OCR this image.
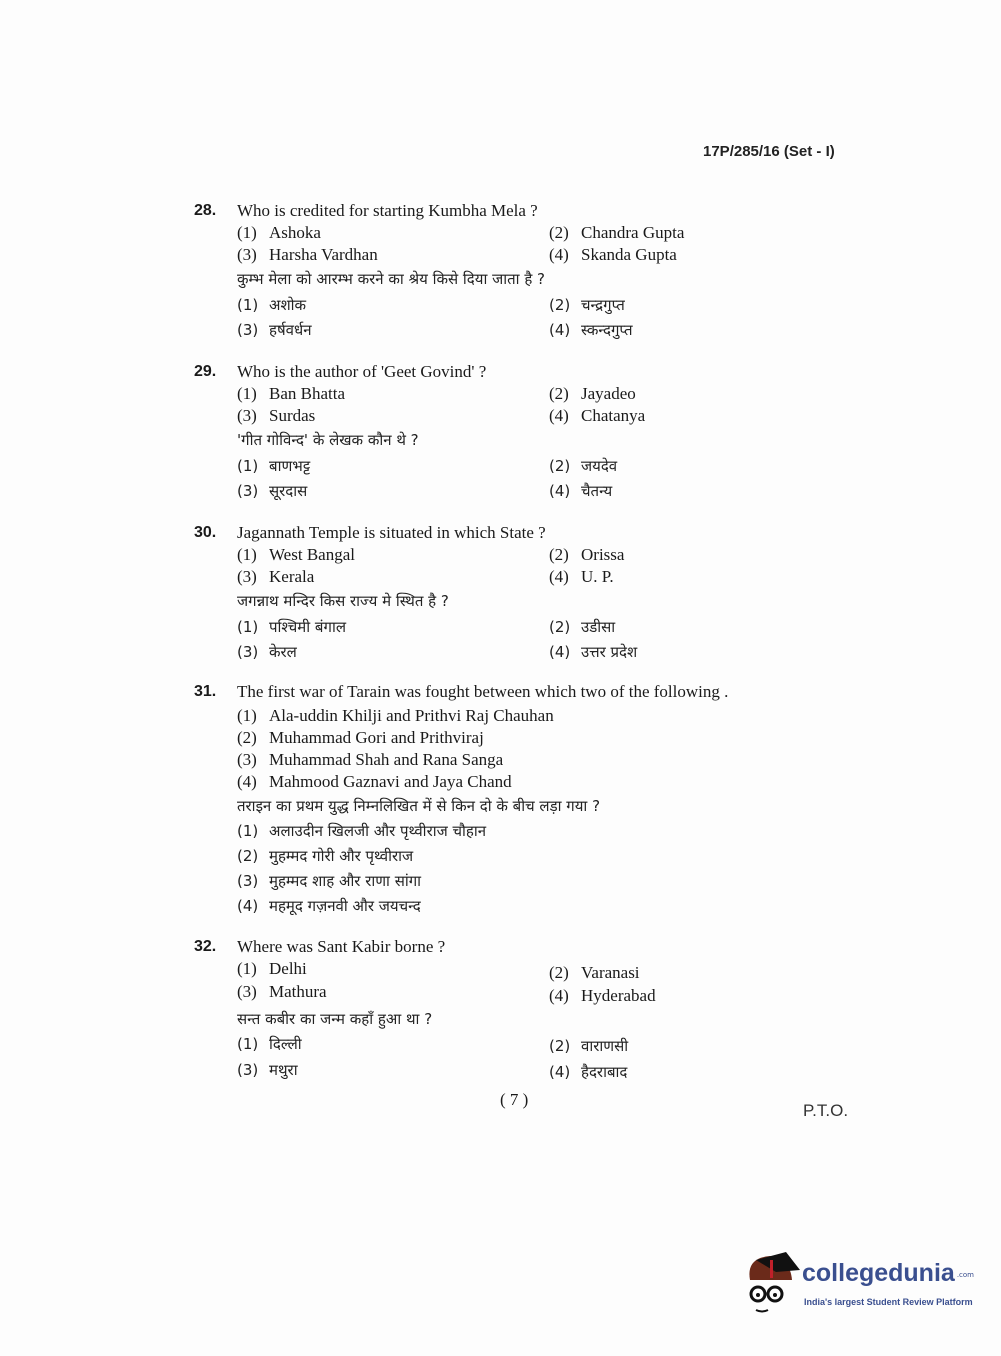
17P/285/16 (Set - I)
28. Who is credited for starting Kumbha Mela ?
(1) Ashoka	(2) Chandra Gupta
(3) Harsha Vardhan	(4) Skanda Gupta
कुम्भ मेला को आरम्भ करने का श्रेय किसे दिया जाता है ?
(1) अशोक	(2) चन्द्रगुप्त
(3) हर्षवर्धन	(4) स्कन्दगुप्त
29. Who is the author of 'Geet Govind' ?
(1) Ban Bhatta	(2) Jayadeo
(3) Surdas	(4) Chatanya
'गीत गोविन्द' के लेखक कौन थे ?
(1) बाणभट्ट	(2) जयदेव
(3) सूरदास	(4) चैतन्य
30. Jagannath Temple is situated in which State ?
(1) West Bangal	(2) Orissa
(3) Kerala	(4) U. P.
जगन्नाथ मन्दिर किस राज्य मे स्थित है ?
(1) पश्चिमी बंगाल	(2) उडीसा
(3) केरल	(4) उत्तर प्रदेश
31. The first war of Tarain was fought between which two of the following .
(1) Ala-uddin Khilji and Prithvi Raj Chauhan
(2) Muhammad Gori and Prithviraj
(3) Muhammad Shah and Rana Sanga
(4) Mahmood Gaznavi and Jaya Chand
तराइन का प्रथम युद्ध निम्नलिखित में से किन दो के बीच लड़ा गया ?
(1) अलाउदीन खिलजी और पृथ्वीराज चौहान
(2) मुहम्मद गोरी और पृथ्वीराज
(3) मुहम्मद शाह और राणा सांगा
(4) महमूद गज़नवी और जयचन्द
32. Where was Sant Kabir borne ?
(1) Delhi	(2) Varanasi
(3) Mathura	(4) Hyderabad
सन्त कबीर का जन्म कहाँ हुआ था ?
(1) दिल्ली	(2) वाराणसी
(3) मथुरा	(4) हैदराबाद
( 7 )
P.T.O.
collegedunia .com
India's largest Student Review Platform
